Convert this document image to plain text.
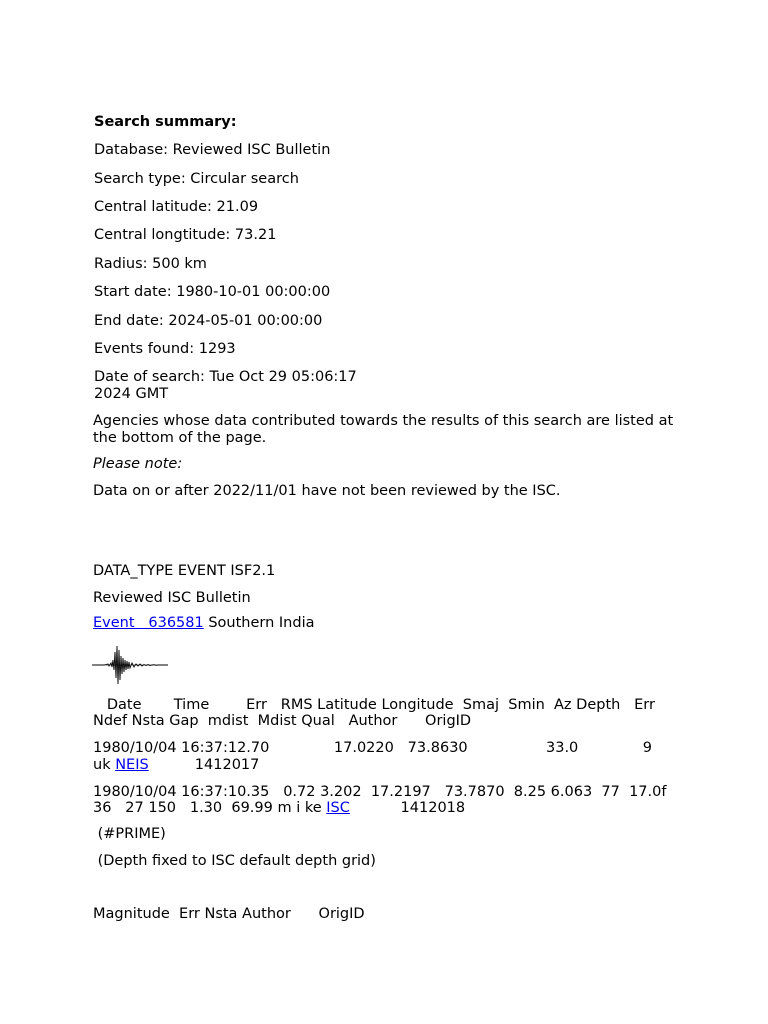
Search summary:
Database: Reviewed ISC Bulletin
Search type: Circular search
Central latitude: 21.09
Central longtitude: 73.21
Radius: 500 km
Start date: 1980-10-01 00:00:00
End date: 2024-05-01 00:00:00
Events found: 1293
Date of search: Tue Oct 29 05:06:17
2024 GMT
Agencies whose data contributed towards the results of this search are listed at
the bottom of the page.
Please note:
Data on or after 2022/11/01 have not been reviewed by the ISC.
DATA_TYPE EVENT ISF2.1
Reviewed ISC Bulletin
Event   636581 Southern India
Date       Time        Err   RMS Latitude Longitude  Smaj  Smin  Az Depth   Err
Ndef Nsta Gap  mdist  Mdist Qual   Author      OrigID
1980/10/04 16:37:12.70              17.0220   73.8630                 33.0              9
uk NEIS          1412017
1980/10/04 16:37:10.35   0.72 3.202  17.2197   73.7870  8.25 6.063  77  17.0f
36   27 150   1.30  69.99 m i ke ISC           1412018
(#PRIME)
(Depth fixed to ISC default depth grid)
Magnitude  Err Nsta Author      OrigID
